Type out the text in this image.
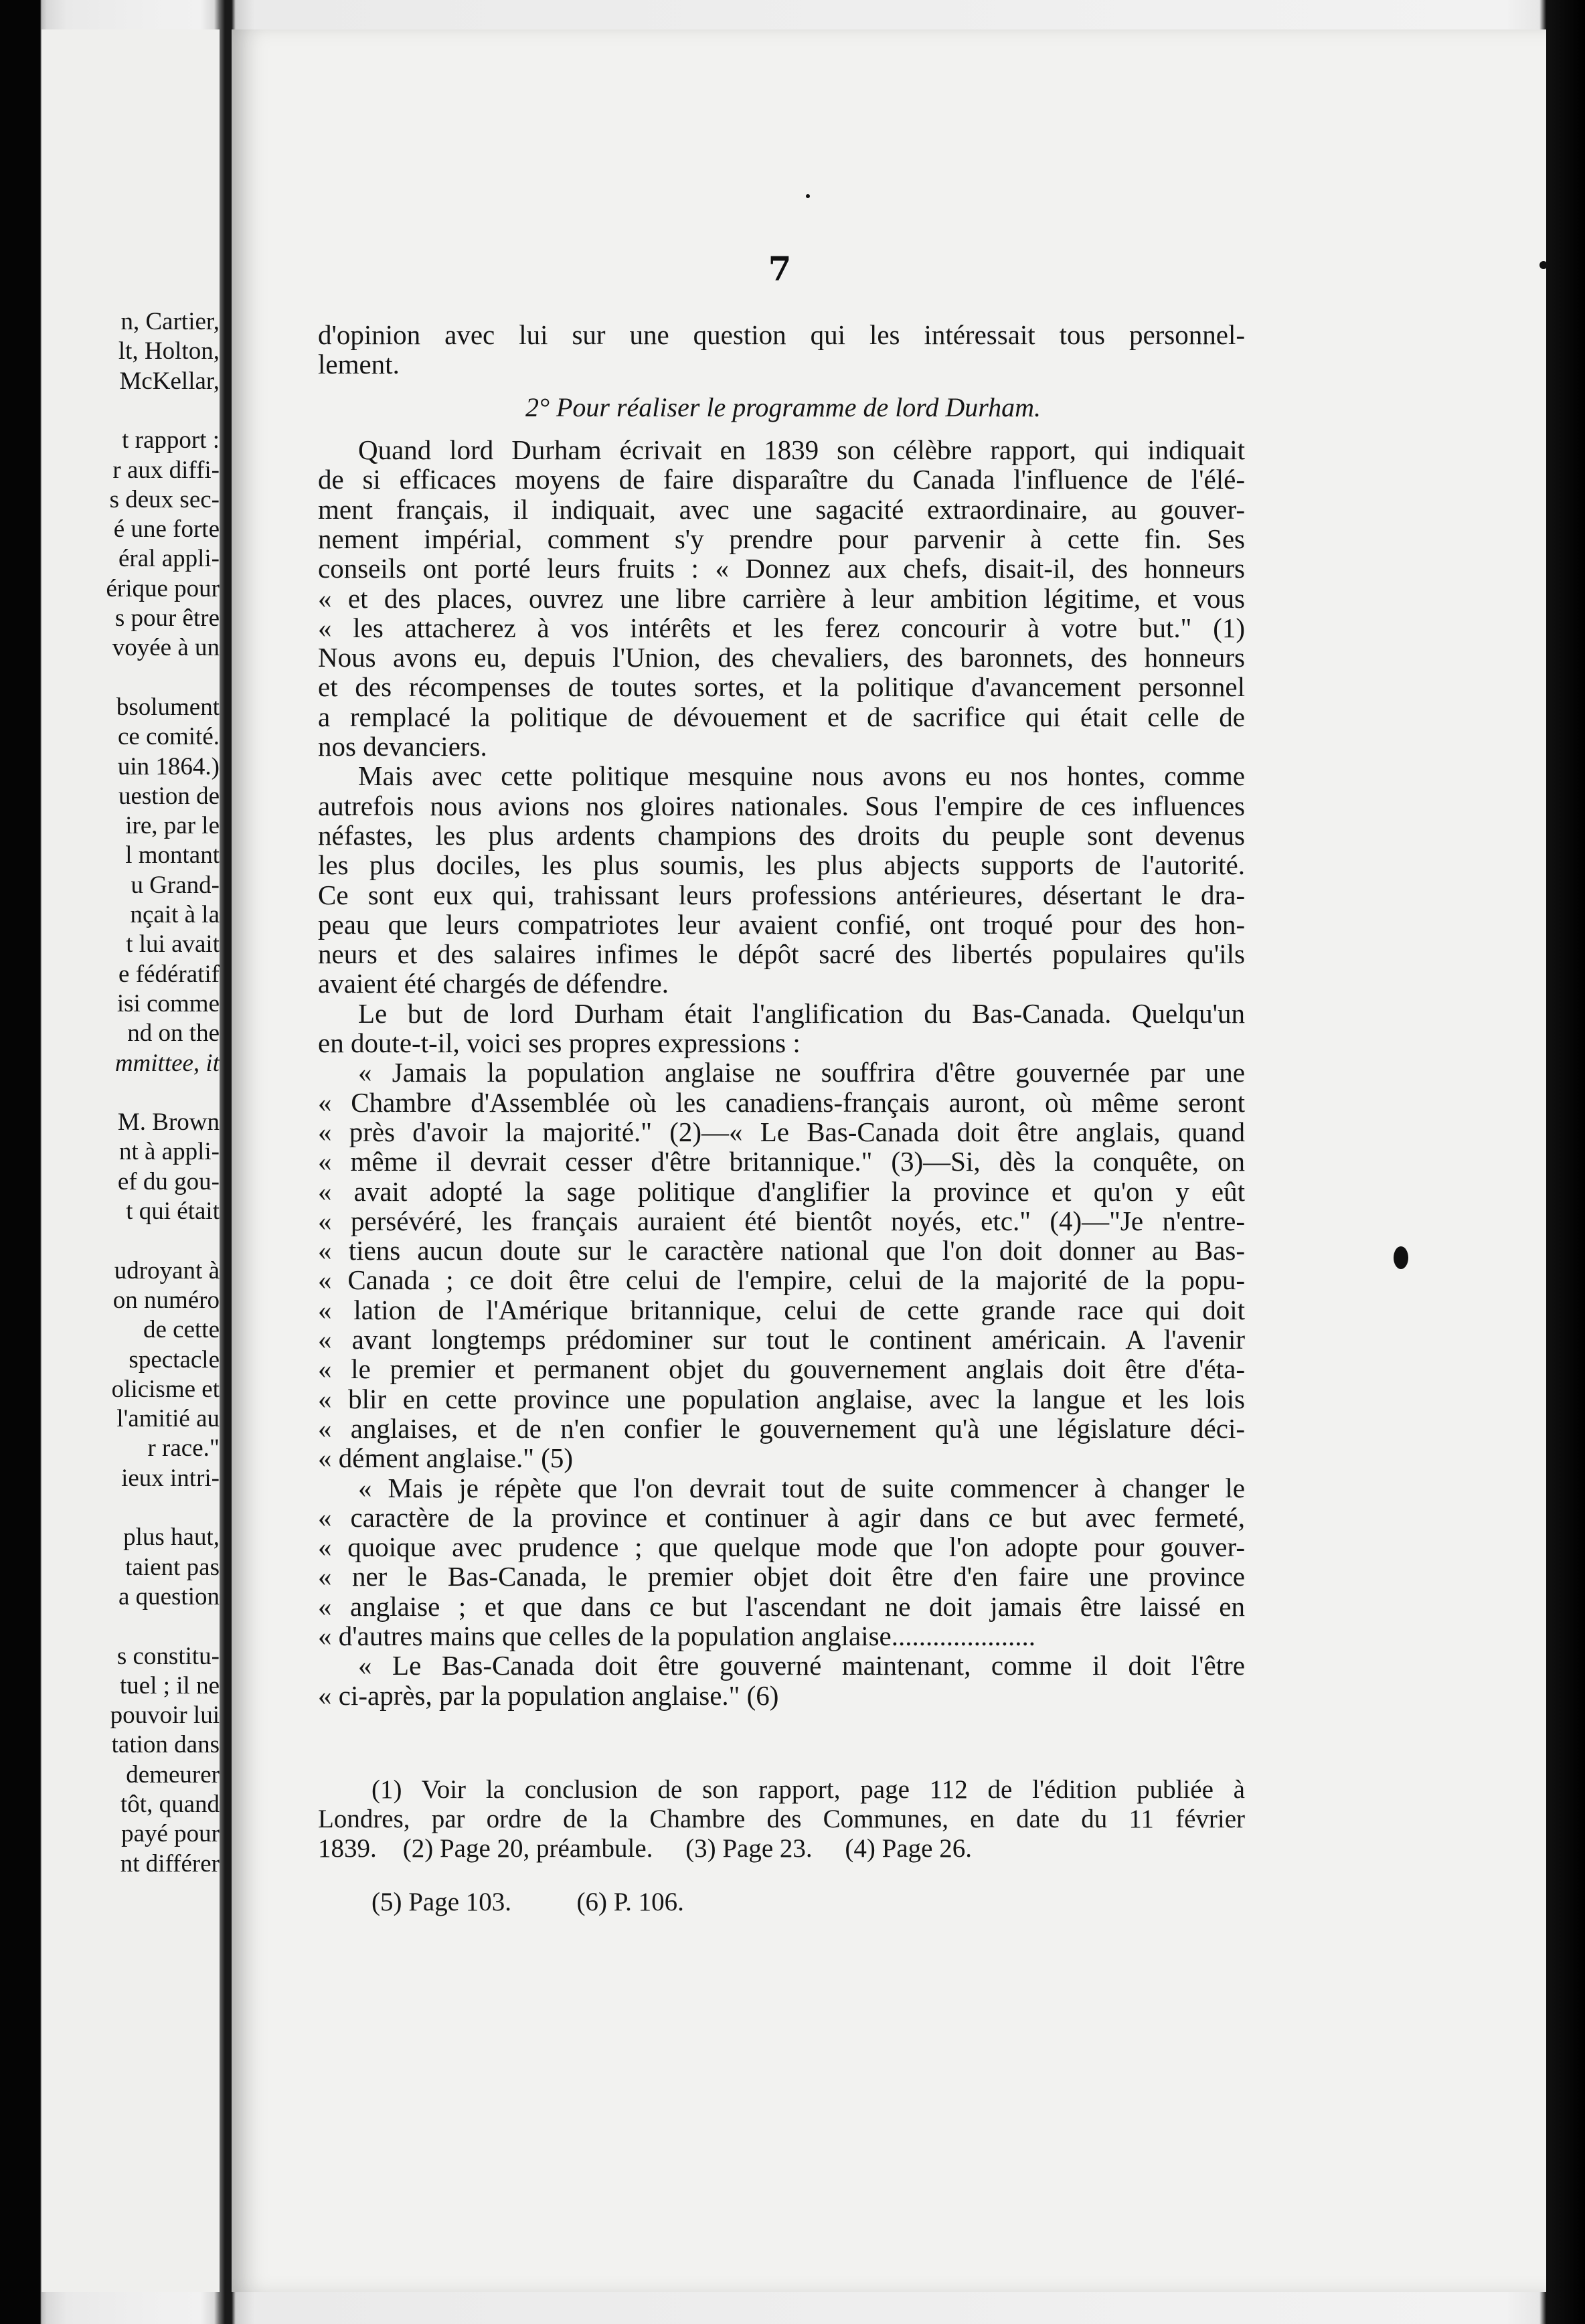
n, Cartier,
lt, Holton,
McKellar,
t rapport :
r aux diffi-
s deux sec-
é une forte
éral appli-
érique pour
s pour être
voyée à un
bsolument
ce comité.
uin 1864.)
uestion de
ire, par le
l montant
u Grand-
nçait à la
t lui avait
e fédératif
isi comme
nd on the
mmittee, it
M. Brown
nt à appli-
ef du gou-
t qui était
udroyant à
on numéro
de cette
spectacle
olicisme et
l'amitié au
r race."
ieux intri-
plus haut,
taient pas
a question
s constitu-
tuel ; il ne
pouvoir lui
tation dans
demeurer
tôt, quand
payé pour
nt différer
7
d'opinion avec lui sur une question qui les intéressait tous personnel-
lement.
2° Pour réaliser le programme de lord Durham.
Quand lord Durham écrivait en 1839 son célèbre rapport, qui indiquait
de si efficaces moyens de faire disparaître du Canada l'influence de l'élé-
ment français, il indiquait, avec une sagacité extraordinaire, au gouver-
nement impérial, comment s'y prendre pour parvenir à cette fin. Ses
conseils ont porté leurs fruits : « Donnez aux chefs, disait-il, des honneurs
« et des places, ouvrez une libre carrière à leur ambition légitime, et vous
« les attacherez à vos intérêts et les ferez concourir à votre but." (1)
Nous avons eu, depuis l'Union, des chevaliers, des baronnets, des honneurs
et des récompenses de toutes sortes, et la politique d'avancement personnel
a remplacé la politique de dévouement et de sacrifice qui était celle de
nos devanciers.
Mais avec cette politique mesquine nous avons eu nos hontes, comme
autrefois nous avions nos gloires nationales. Sous l'empire de ces influences
néfastes, les plus ardents champions des droits du peuple sont devenus
les plus dociles, les plus soumis, les plus abjects supports de l'autorité.
Ce sont eux qui, trahissant leurs professions antérieures, désertant le dra-
peau que leurs compatriotes leur avaient confié, ont troqué pour des hon-
neurs et des salaires infimes le dépôt sacré des libertés populaires qu'ils
avaient été chargés de défendre.
Le but de lord Durham était l'anglification du Bas-Canada. Quelqu'un
en doute-t-il, voici ses propres expressions :
« Jamais la population anglaise ne souffrira d'être gouvernée par une
« Chambre d'Assemblée où les canadiens-français auront, où même seront
« près d'avoir la majorité." (2)—« Le Bas-Canada doit être anglais, quand
« même il devrait cesser d'être britannique." (3)—Si, dès la conquête, on
« avait adopté la sage politique d'anglifier la province et qu'on y eût
« persévéré, les français auraient été bientôt noyés, etc." (4)—"Je n'entre-
« tiens aucun doute sur le caractère national que l'on doit donner au Bas-
« Canada ; ce doit être celui de l'empire, celui de la majorité de la popu-
« lation de l'Amérique britannique, celui de cette grande race qui doit
« avant longtemps prédominer sur tout le continent américain. A l'avenir
« le premier et permanent objet du gouvernement anglais doit être d'éta-
« blir en cette province une population anglaise, avec la langue et les lois
« anglaises, et de n'en confier le gouvernement qu'à une législature déci-
« dément anglaise." (5)
« Mais je répète que l'on devrait tout de suite commencer à changer le
« caractère de la province et continuer à agir dans ce but avec fermeté,
« quoique avec prudence ; que quelque mode que l'on adopte pour gouver-
« ner le Bas-Canada, le premier objet doit être d'en faire une province
« anglaise ; et que dans ce but l'ascendant ne doit jamais être laissé en
« d'autres mains que celles de la population anglaise.....................
« Le Bas-Canada doit être gouverné maintenant, comme il doit l'être
« ci-après, par la population anglaise." (6)
(1) Voir la conclusion de son rapport, page 112 de l'édition publiée à
Londres, par ordre de la Chambre des Communes, en date du 11 février
1839.    (2) Page 20, préambule.     (3) Page 23.     (4) Page 26.
(5) Page 103.          (6) P. 106.
